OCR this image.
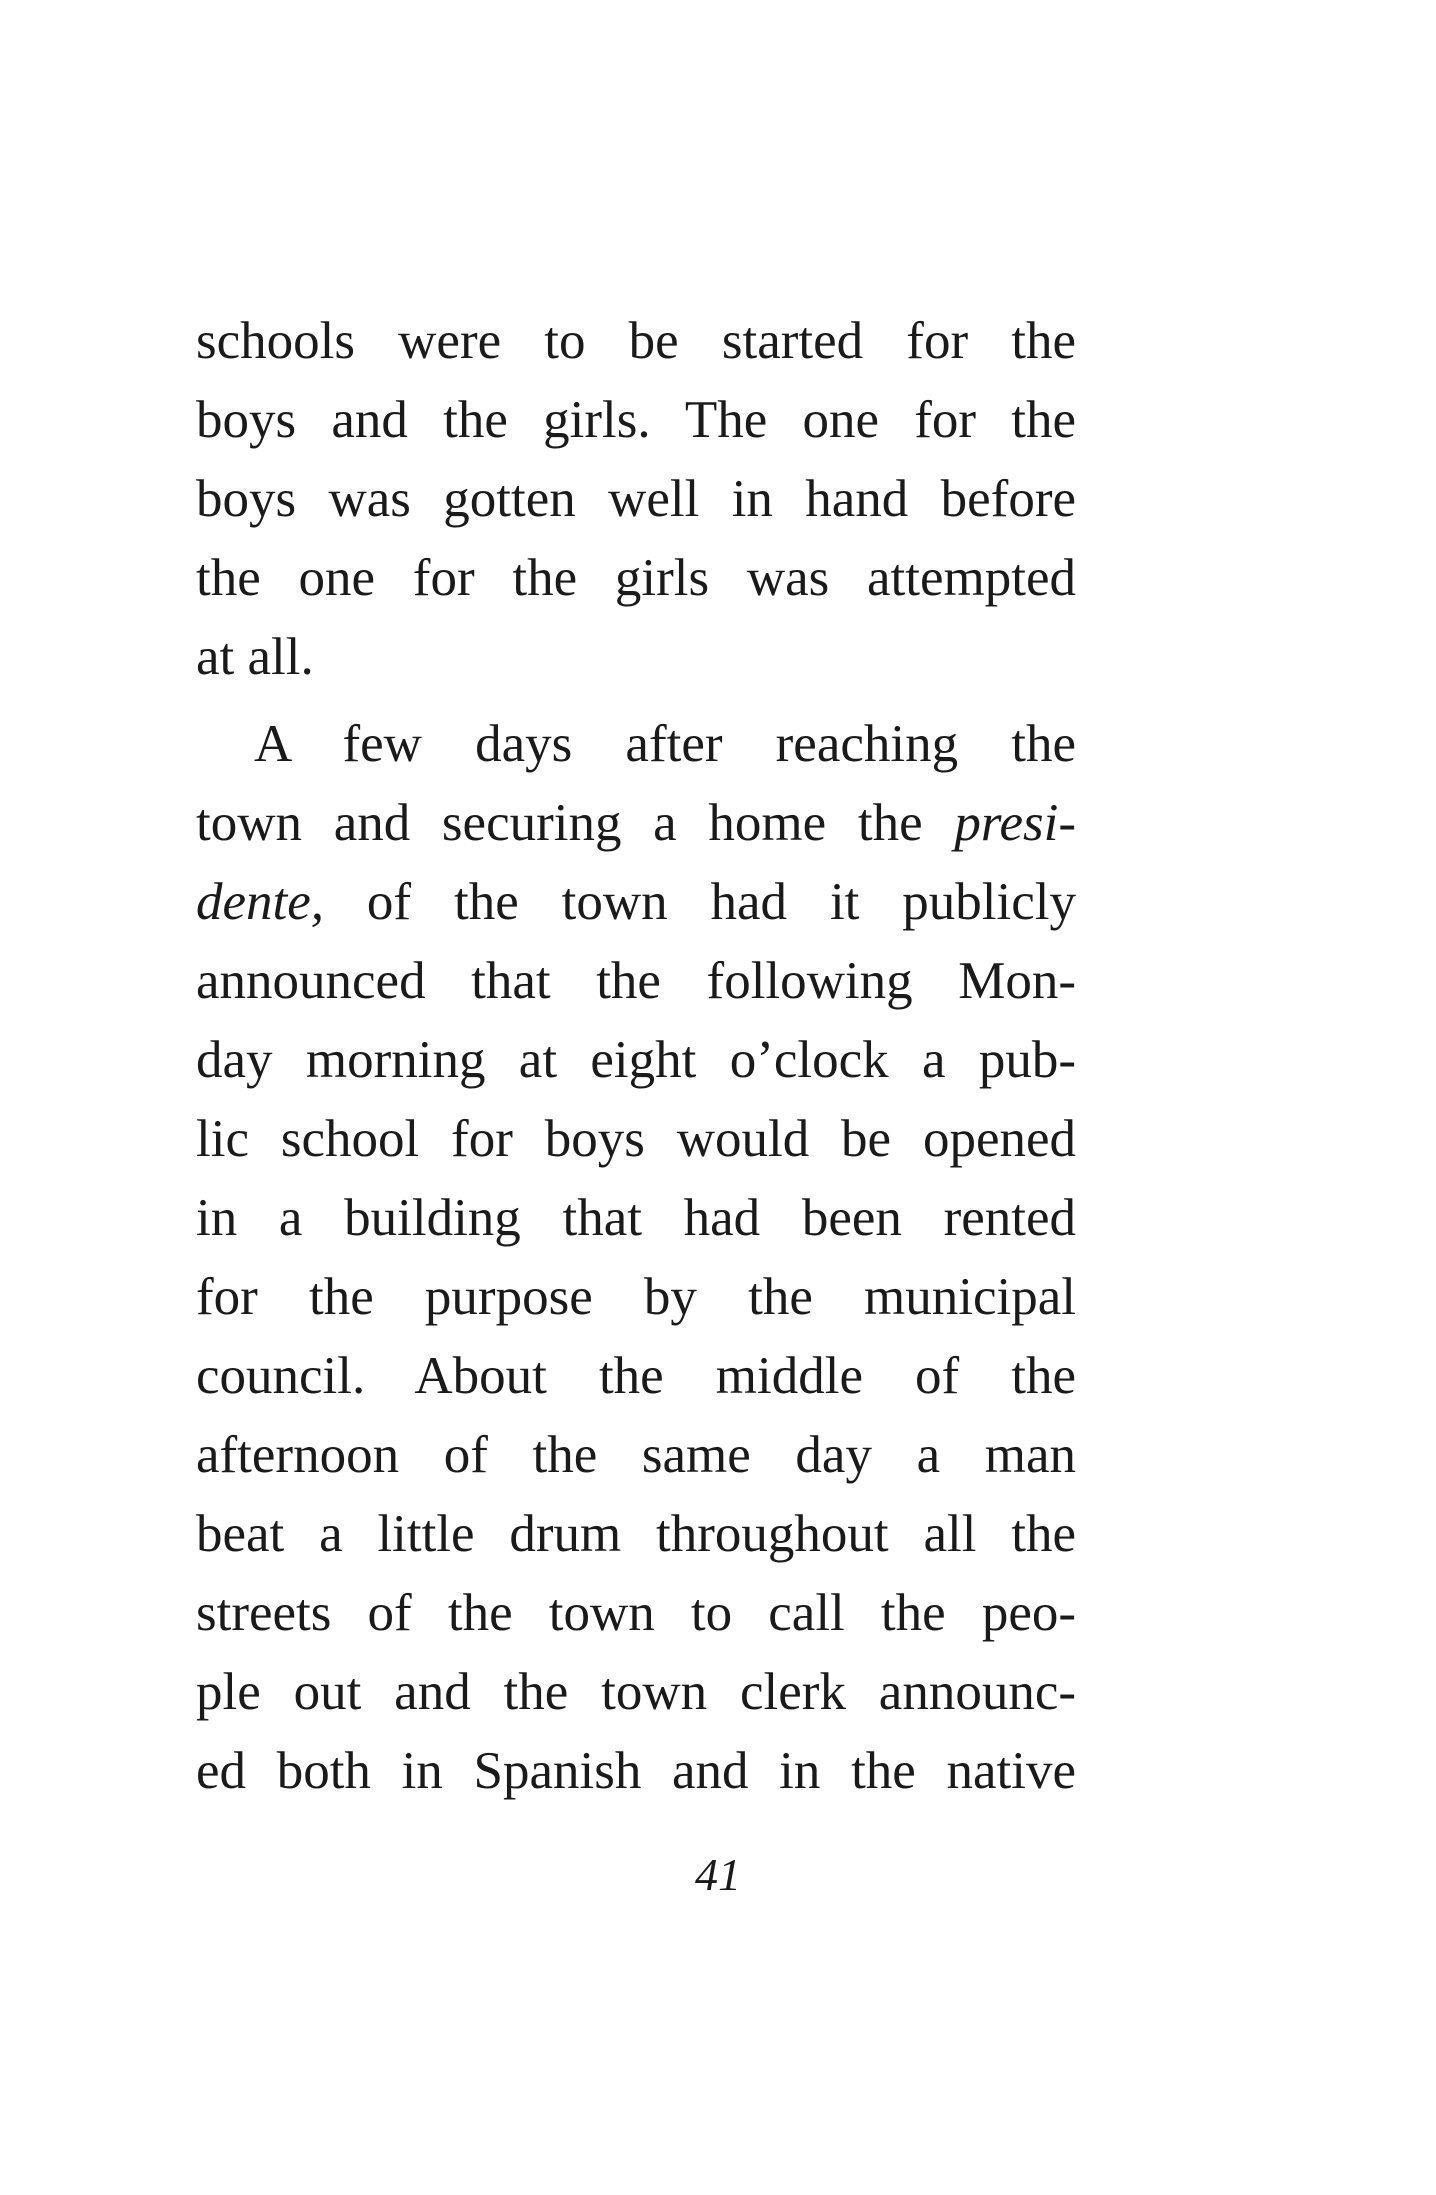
schools were to be started for the
boys and the girls. The one for the
boys was gotten well in hand before
the one for the girls was attempted
at all.
A few days after reaching the
town and securing a home the presi-
dente, of the town had it publicly
announced that the following Mon-
day morning at eight o’clock a pub-
lic school for boys would be opened
in a building that had been rented
for the purpose by the municipal
council. About the middle of the
afternoon of the same day a man
beat a little drum throughout all the
streets of the town to call the peo-
ple out and the town clerk announc-
ed both in Spanish and in the native
41
